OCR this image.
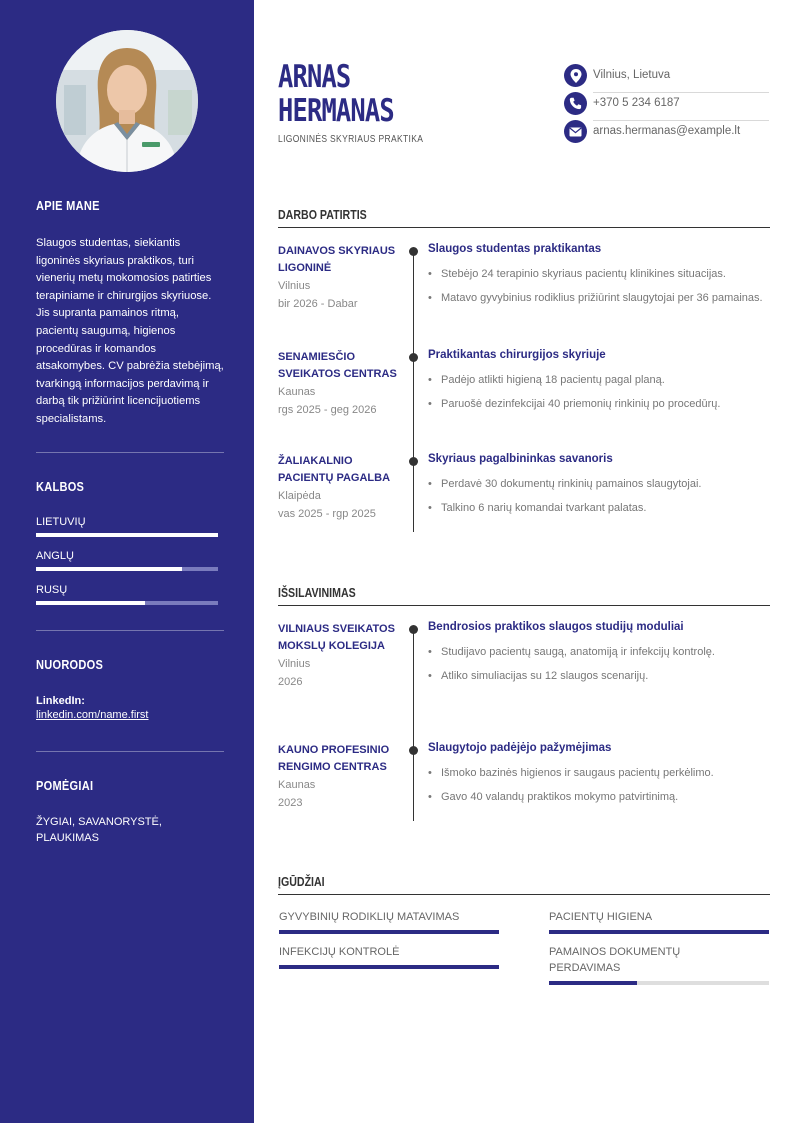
APIE MANE
Slaugos studentas, siekiantis ligoninės skyriaus praktikos, turi vienerių metų mokomosios patirties terapiniame ir chirurgijos skyriuose. Jis supranta pamainos ritmą, pacientų saugumą, higienos procedūras ir komandos atsakomybes. CV pabrėžia stebėjimą, tvarkingą informacijos perdavimą ir darbą tik prižiūrint licencijuotiems specialistams.
KALBOS
LIETUVIŲ
ANGLŲ
RUSŲ
NUORODOS
LinkedIn:
linkedin.com/name.first
POMĖGIAI
ŽYGIAI, SAVANORYSTĖ, PLAUKIMAS
ARNAS
HERMANAS
LIGONINĖS SKYRIAUS PRAKTIKA
Vilnius, Lietuva
+370 5 234 6187
arnas.hermanas@example.lt
DARBO PATIRTIS
DAINAVOS SKYRIAUS LIGONINĖ
Vilnius
bir 2026 - Dabar
Slaugos studentas praktikantas
• Stebėjo 24 terapinio skyriaus pacientų klinikines situacijas.
• Matavo gyvybinius rodiklius prižiūrint slaugytojai per 36 pamainas.
SENAMIESČIO SVEIKATOS CENTRAS
Kaunas
rgs 2025 - geg 2026
Praktikantas chirurgijos skyriuje
• Padėjo atlikti higieną 18 pacientų pagal planą.
• Paruošė dezinfekcijai 40 priemonių rinkinių po procedūrų.
ŽALIAKALNIO PACIENTŲ PAGALBA
Klaipėda
vas 2025 - rgp 2025
Skyriaus pagalbininkas savanoris
• Perdavė 30 dokumentų rinkinių pamainos slaugytojai.
• Talkino 6 narių komandai tvarkant palatas.
IŠSILAVINIMAS
VILNIAUS SVEIKATOS MOKSLŲ KOLEGIJA
Vilnius
2026
Bendrosios praktikos slaugos studijų moduliai
• Studijavo pacientų saugą, anatomiją ir infekcijų kontrolę.
• Atliko simuliacijas su 12 slaugos scenarijų.
KAUNO PROFESINIO RENGIMO CENTRAS
Kaunas
2023
Slaugytojo padėjėjo pažymėjimas
• Išmoko bazinės higienos ir saugaus pacientų perkėlimo.
• Gavo 40 valandų praktikos mokymo patvirtinimą.
ĮGŪDŽIAI
GYVYBINIŲ RODIKLIŲ MATAVIMAS	PACIENTŲ HIGIENA
INFEKCIJŲ KONTROLĖ	PAMAINOS DOKUMENTŲ PERDAVIMAS
